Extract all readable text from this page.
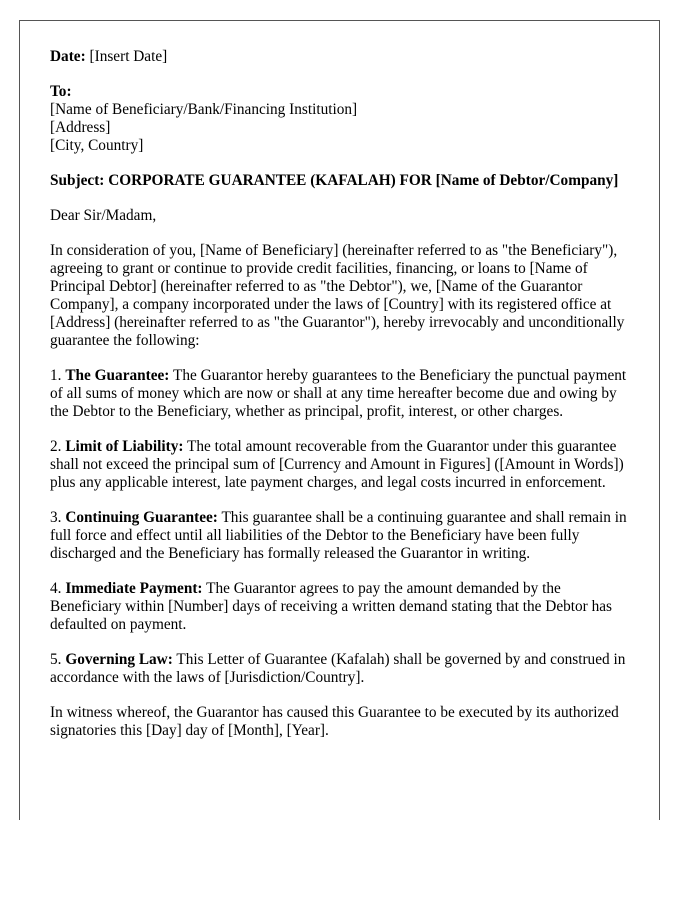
Date: [Insert Date]

To:
[Name of Beneficiary/Bank/Financing Institution]
[Address]
[City, Country]

Subject: CORPORATE GUARANTEE (KAFALAH) FOR [Name of Debtor/Company]

Dear Sir/Madam,

In consideration of you, [Name of Beneficiary] (hereinafter referred to as "the Beneficiary"), agreeing to grant or continue to provide credit facilities, financing, or loans to [Name of Principal Debtor] (hereinafter referred to as "the Debtor"), we, [Name of the Guarantor Company], a company incorporated under the laws of [Country] with its registered office at [Address] (hereinafter referred to as "the Guarantor"), hereby irrevocably and unconditionally guarantee the following:

1. The Guarantee: The Guarantor hereby guarantees to the Beneficiary the punctual payment of all sums of money which are now or shall at any time hereafter become due and owing by the Debtor to the Beneficiary, whether as principal, profit, interest, or other charges.

2. Limit of Liability: The total amount recoverable from the Guarantor under this guarantee shall not exceed the principal sum of [Currency and Amount in Figures] ([Amount in Words]) plus any applicable interest, late payment charges, and legal costs incurred in enforcement.

3. Continuing Guarantee: This guarantee shall be a continuing guarantee and shall remain in full force and effect until all liabilities of the Debtor to the Beneficiary have been fully discharged and the Beneficiary has formally released the Guarantor in writing.

4. Immediate Payment: The Guarantor agrees to pay the amount demanded by the Beneficiary within [Number] days of receiving a written demand stating that the Debtor has defaulted on payment.

5. Governing Law: This Letter of Guarantee (Kafalah) shall be governed by and construed in accordance with the laws of [Jurisdiction/Country].

In witness whereof, the Guarantor has caused this Guarantee to be executed by its authorized signatories this [Day] day of [Month], [Year].
